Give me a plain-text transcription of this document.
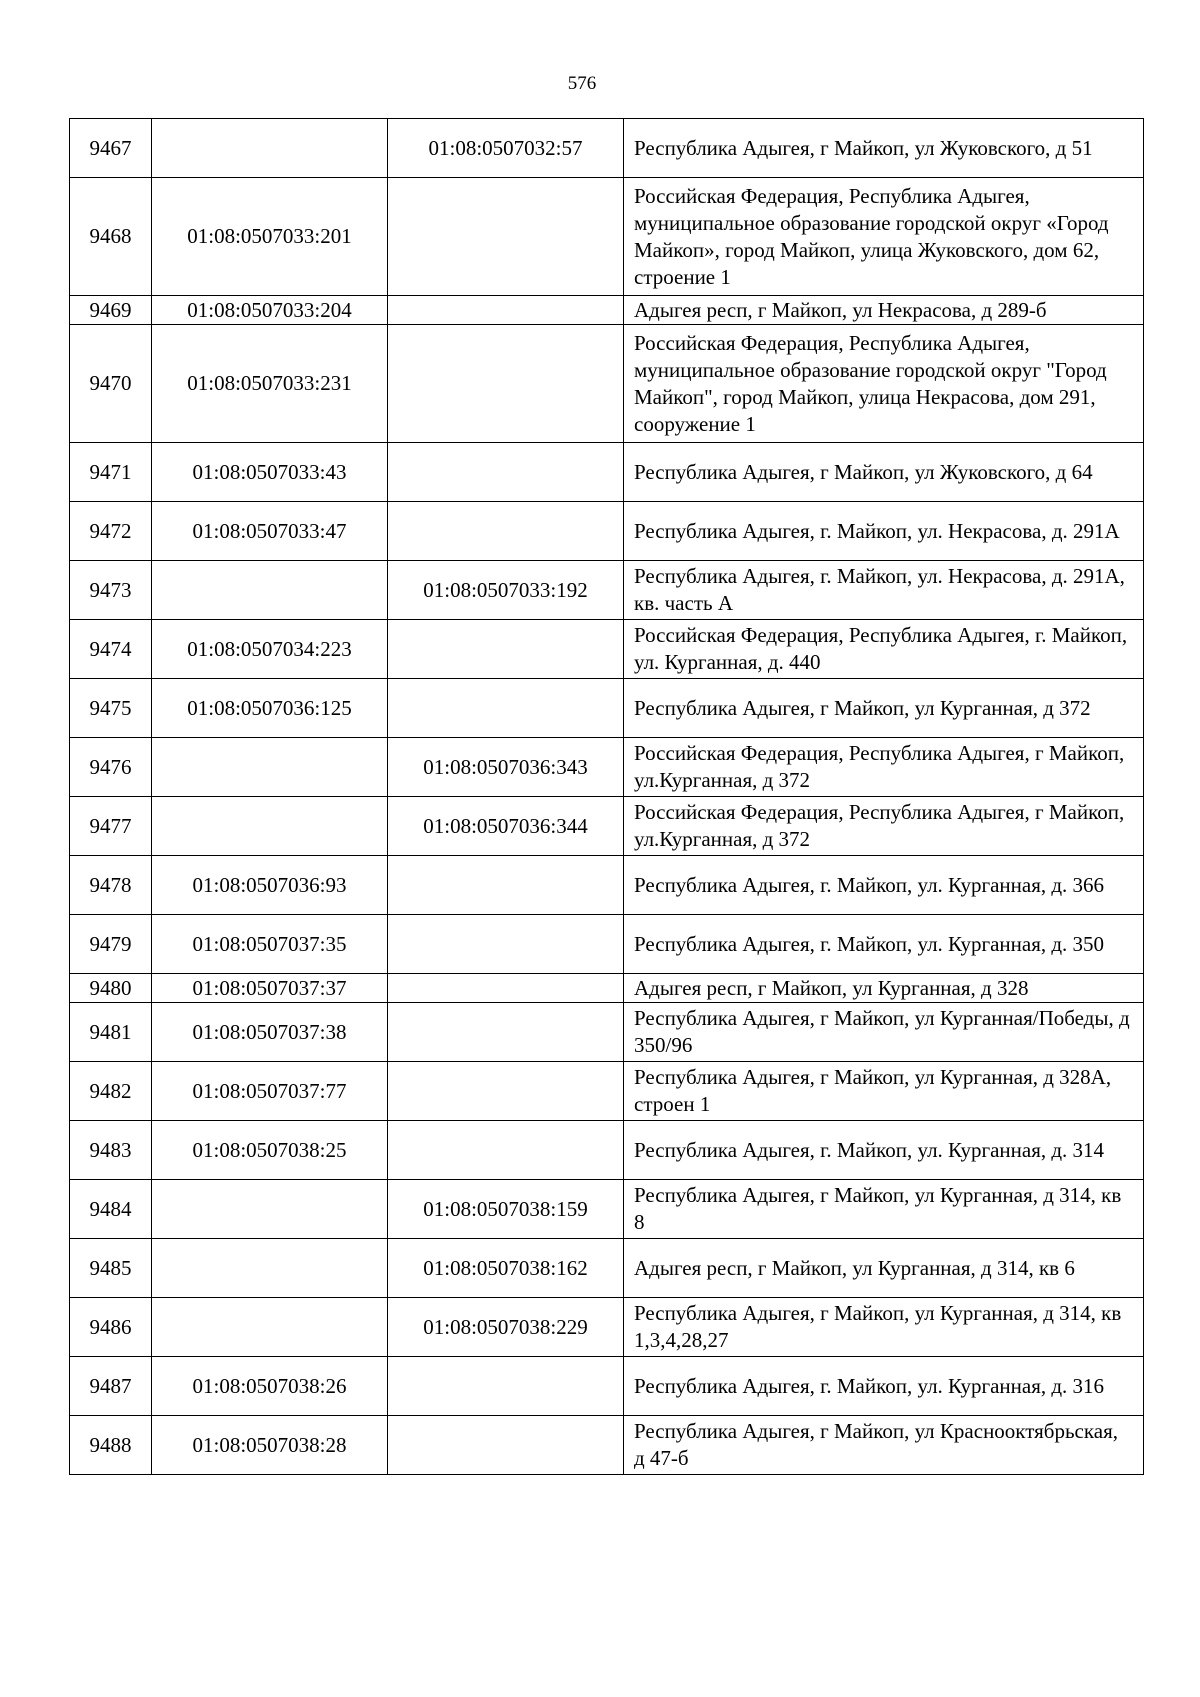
576
9467		01:08:0507032:57	Республика Адыгея, г Майкоп, ул Жуковского, д 51
9468	01:08:0507033:201		Российская Федерация, Республика Адыгея, муниципальное образование городской округ «Город Майкоп», город Майкоп, улица Жуковского, дом 62, строение 1
9469	01:08:0507033:204		Адыгея респ, г Майкоп, ул Некрасова, д 289-б
9470	01:08:0507033:231		Российская Федерация, Республика Адыгея, муниципальное образование городской округ "Город Майкоп", город Майкоп, улица Некрасова, дом 291, сооружение 1
9471	01:08:0507033:43		Республика Адыгея, г Майкоп, ул Жуковского, д 64
9472	01:08:0507033:47		Республика Адыгея, г. Майкоп, ул. Некрасова, д. 291А
9473		01:08:0507033:192	Республика Адыгея, г. Майкоп, ул. Некрасова, д. 291А, кв. часть А
9474	01:08:0507034:223		Российская Федерация, Республика Адыгея, г. Майкоп, ул. Курганная, д. 440
9475	01:08:0507036:125		Республика Адыгея, г Майкоп, ул Курганная, д 372
9476		01:08:0507036:343	Российская Федерация, Республика Адыгея, г Майкоп, ул.Курганная, д 372
9477		01:08:0507036:344	Российская Федерация, Республика Адыгея, г Майкоп, ул.Курганная, д 372
9478	01:08:0507036:93		Республика Адыгея, г. Майкоп, ул. Курганная, д. 366
9479	01:08:0507037:35		Республика Адыгея, г. Майкоп, ул. Курганная, д. 350
9480	01:08:0507037:37		Адыгея респ, г Майкоп, ул Курганная, д 328
9481	01:08:0507037:38		Республика Адыгея, г Майкоп, ул Курганная/Победы, д 350/96
9482	01:08:0507037:77		Республика Адыгея, г Майкоп, ул Курганная, д 328А, строен 1
9483	01:08:0507038:25		Республика Адыгея, г. Майкоп, ул. Курганная, д. 314
9484		01:08:0507038:159	Республика Адыгея, г Майкоп, ул Курганная, д 314, кв 8
9485		01:08:0507038:162	Адыгея респ, г Майкоп, ул Курганная, д 314, кв 6
9486		01:08:0507038:229	Республика Адыгея, г Майкоп, ул Курганная, д 314, кв 1,3,4,28,27
9487	01:08:0507038:26		Республика Адыгея, г. Майкоп, ул. Курганная, д. 316
9488	01:08:0507038:28		Республика Адыгея, г Майкоп, ул Краснооктябрьская, д 47-б
